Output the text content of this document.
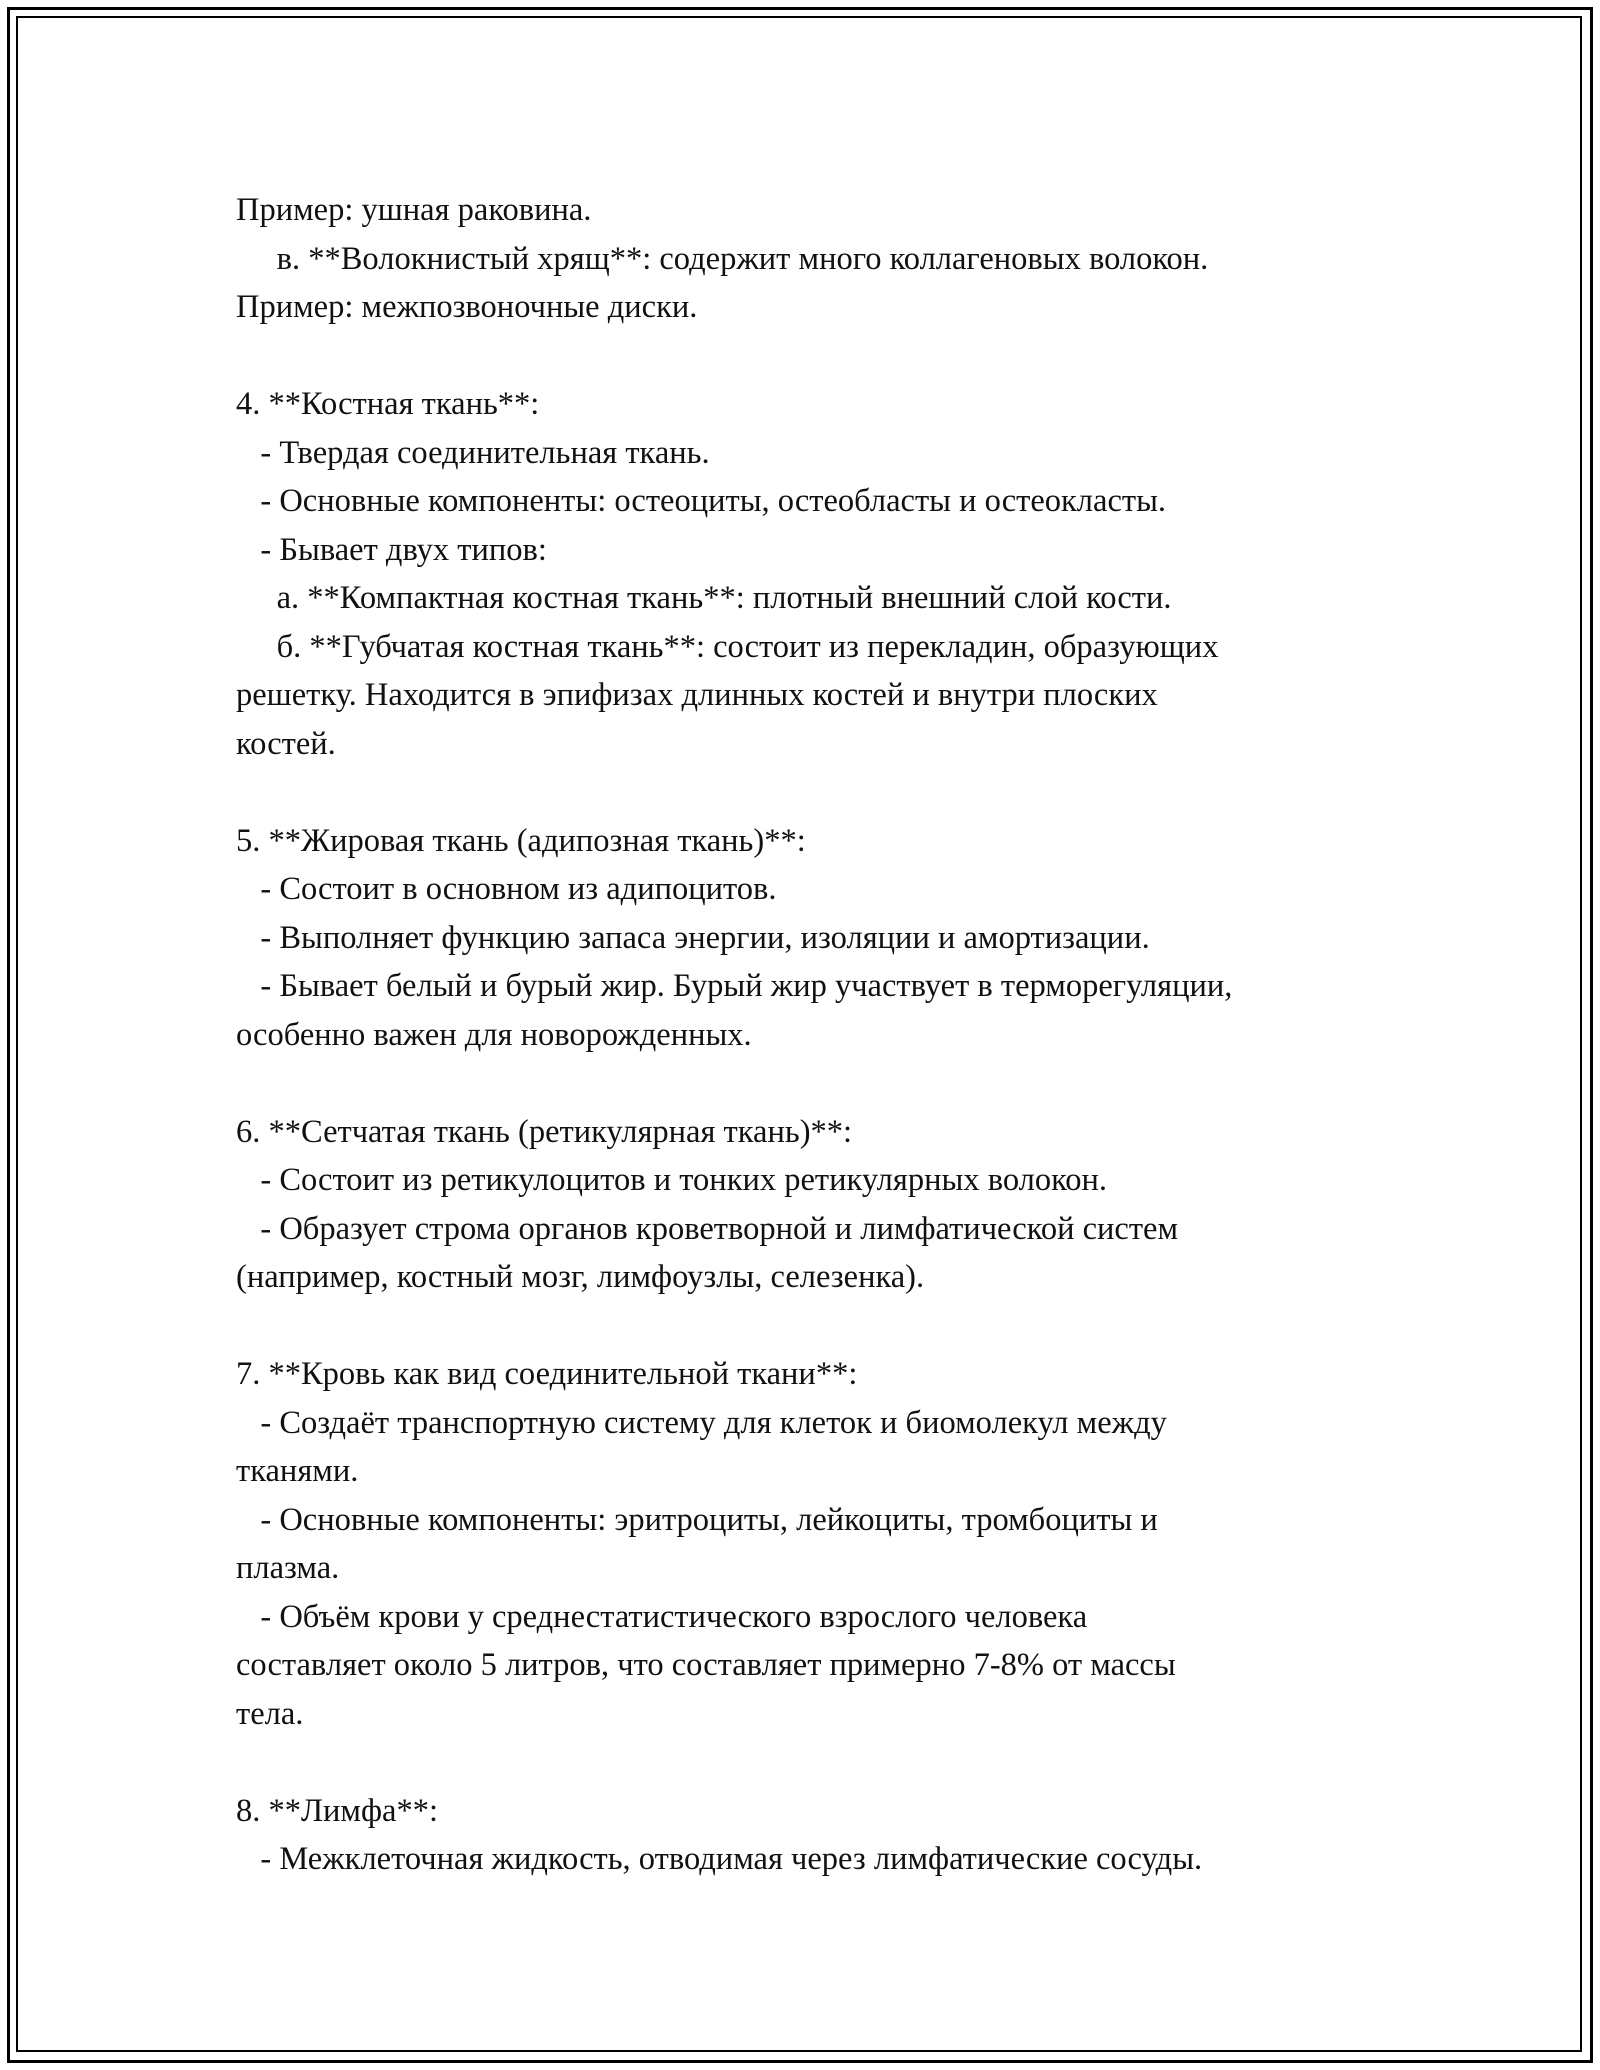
Пример: ушная раковина.
в. **Волокнистый хрящ**: содержит много коллагеновых волокон.
Пример: межпозвоночные диски.
4. **Костная ткань**:
- Твердая соединительная ткань.
- Основные компоненты: остеоциты, остеобласты и остеокласты.
- Бывает двух типов:
а. **Компактная костная ткань**: плотный внешний слой кости.
б. **Губчатая костная ткань**: состоит из перекладин, образующих
решетку. Находится в эпифизах длинных костей и внутри плоских
костей.
5. **Жировая ткань (адипозная ткань)**:
- Состоит в основном из адипоцитов.
- Выполняет функцию запаса энергии, изоляции и амортизации.
- Бывает белый и бурый жир. Бурый жир участвует в терморегуляции,
особенно важен для новорожденных.
6. **Сетчатая ткань (ретикулярная ткань)**:
- Состоит из ретикулоцитов и тонких ретикулярных волокон.
- Образует строма органов кроветворной и лимфатической систем
(например, костный мозг, лимфоузлы, селезенка).
7. **Кровь как вид соединительной ткани**:
- Создаёт транспортную систему для клеток и биомолекул между
тканями.
- Основные компоненты: эритроциты, лейкоциты, тромбоциты и
плазма.
- Объём крови у среднестатистического взрослого человека
составляет около 5 литров, что составляет примерно 7-8% от массы
тела.
8. **Лимфа**:
- Межклеточная жидкость, отводимая через лимфатические сосуды.
